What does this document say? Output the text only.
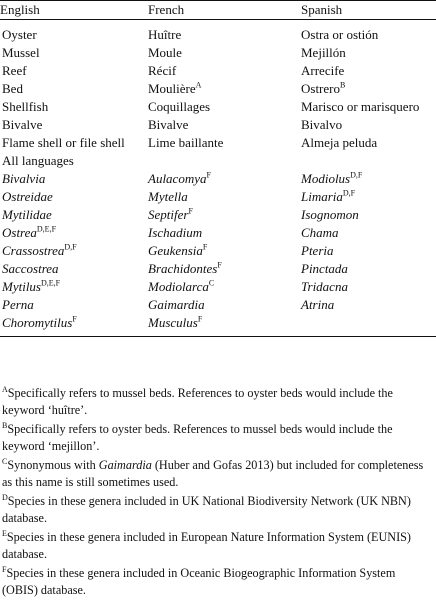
English	French	Spanish
Oyster	Huître	Ostra or ostión
Mussel	Moule	Mejillón
Reef	Récif	Arrecife
Bed	Moulière$^A$	Ostrero$^B$
Shellfish	Coquillages	Marisco or marisquero
Bivalve	Bivalve	Bivalvo
Flame shell or file shell	Lime baillante	Almeja peluda
All languages		
Bivalvia	Aulacomya$^F$	Modiolus$^{D,F}$
Ostreidae	Mytella	Limaria$^{D,F}$
Mytilidae	Septifer$^F$	Isognomon
Ostrea$^{D,E,F}$	Ischadium	Chama
Crassostrea$^{D,F}$	Geukensia$^F$	Pteria
Saccostrea	Brachidontes$^F$	Pinctada
Mytilus$^{D,E,F}$	Modiolarca$^C$	Tridacna
Perna	Gaimardia	Atrina
Choromytilus$^F$	Musculus$^F$	
$^A$Specifically refers to mussel beds. References to oyster beds would include the keyword ‘huître’.
$^B$Specifically refers to oyster beds. References to mussel beds would include the keyword ‘mejillon’.
$^C$Synonymous with Gaimardia (Huber and Gofas 2013) but included for completeness as this name is still sometimes used.
$^D$Species in these genera included in UK National Biodiversity Network (UK NBN) database.
$^E$Species in these genera included in European Nature Information System (EUNIS) database.
$^F$Species in these genera included in Oceanic Biogeographic Information System (OBIS) database.
